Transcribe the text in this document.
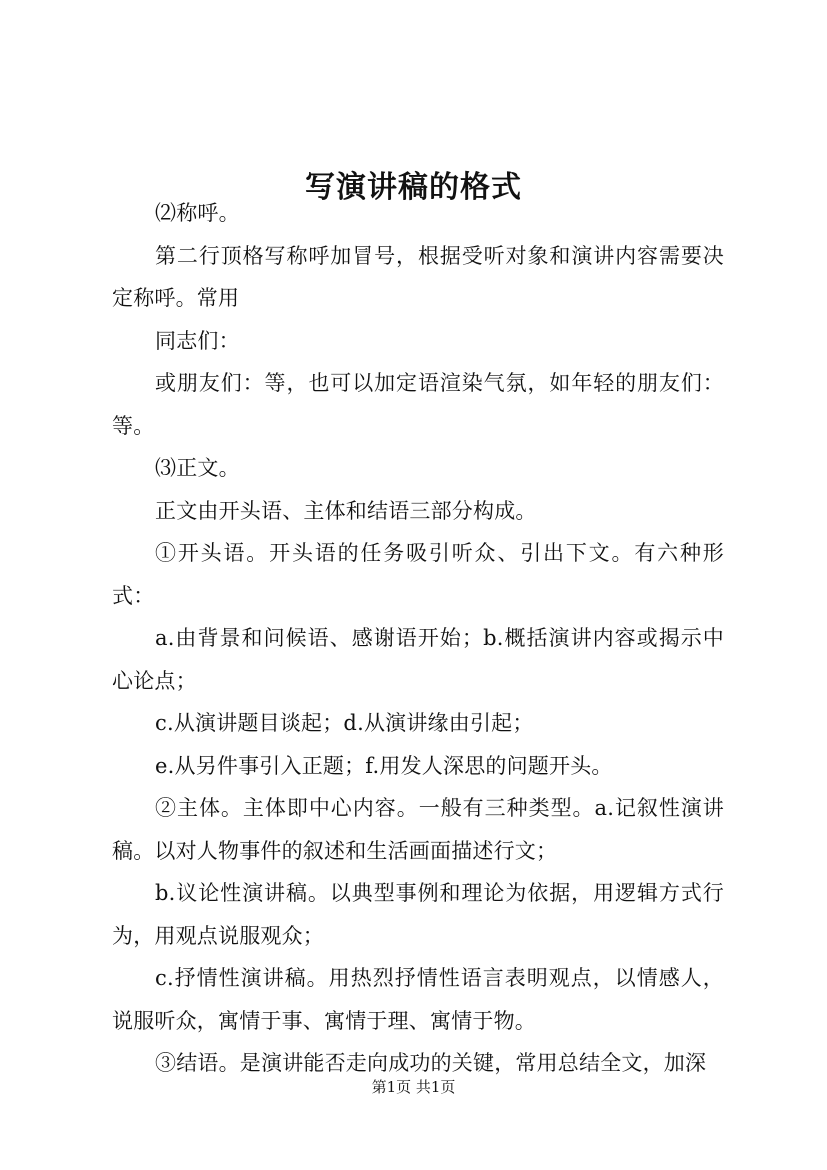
写演讲稿的格式

⑵称呼。

第二行顶格写称呼加冒号，根据受听对象和演讲内容需要决定称呼。常用

同志们：

或朋友们：等，也可以加定语渲染气氛，如年轻的朋友们：等。

⑶正文。

正文由开头语、主体和结语三部分构成。

①开头语。开头语的任务吸引听众、引出下文。有六种形式：

a.由背景和问候语、感谢语开始；b.概括演讲内容或揭示中心论点；

c.从演讲题目谈起；d.从演讲缘由引起；

e.从另件事引入正题；f.用发人深思的问题开头。

②主体。主体即中心内容。一般有三种类型。a.记叙性演讲稿。以对人物事件的叙述和生活画面描述行文；

b.议论性演讲稿。以典型事例和理论为依据，用逻辑方式行为，用观点说服观众；

c.抒情性演讲稿。用热烈抒情性语言表明观点，以情感人，说服听众，寓情于事、寓情于理、寓情于物。

③结语。是演讲能否走向成功的关键，常用总结全文，加深

第1页 共1页
